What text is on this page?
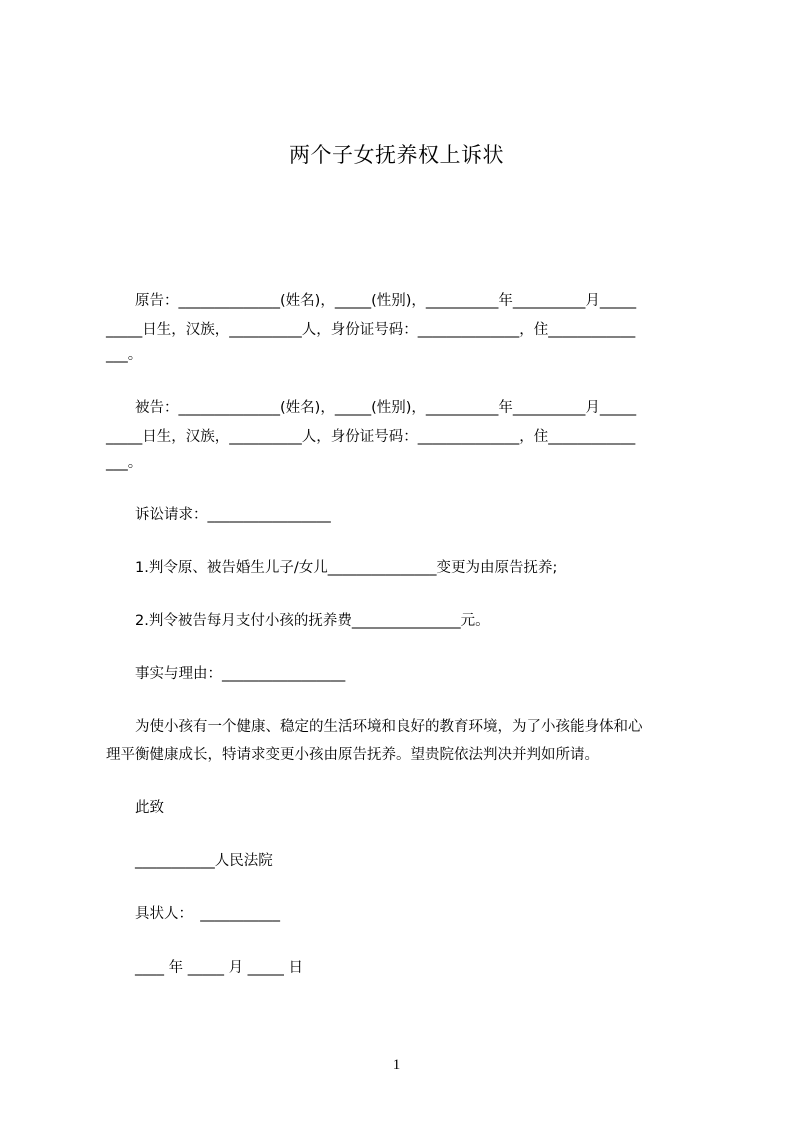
两个子女抚养权上诉状
　　原告：______________(姓名)，_____(性别)，__________年__________月_____
_____日生，汉族，__________人，身份证号码：______________，住____________
___。
　　被告：______________(姓名)，_____(性别)，__________年__________月_____
_____日生，汉族，__________人，身份证号码：______________，住____________
___。
　　诉讼请求：_________________
　　1.判令原、被告婚生儿子/女儿_______________变更为由原告抚养;
　　2.判令被告每月支付小孩的抚养费_______________元。
　　事实与理由：_________________
　　为使小孩有一个健康、稳定的生活环境和良好的教育环境，为了小孩能身体和心
理平衡健康成长，特请求变更小孩由原告抚养。望贵院依法判决并判如所请。
　　此致
　　___________人民法院
　　具状人：　___________
　　____ 年 _____ 月 _____ 日
1
